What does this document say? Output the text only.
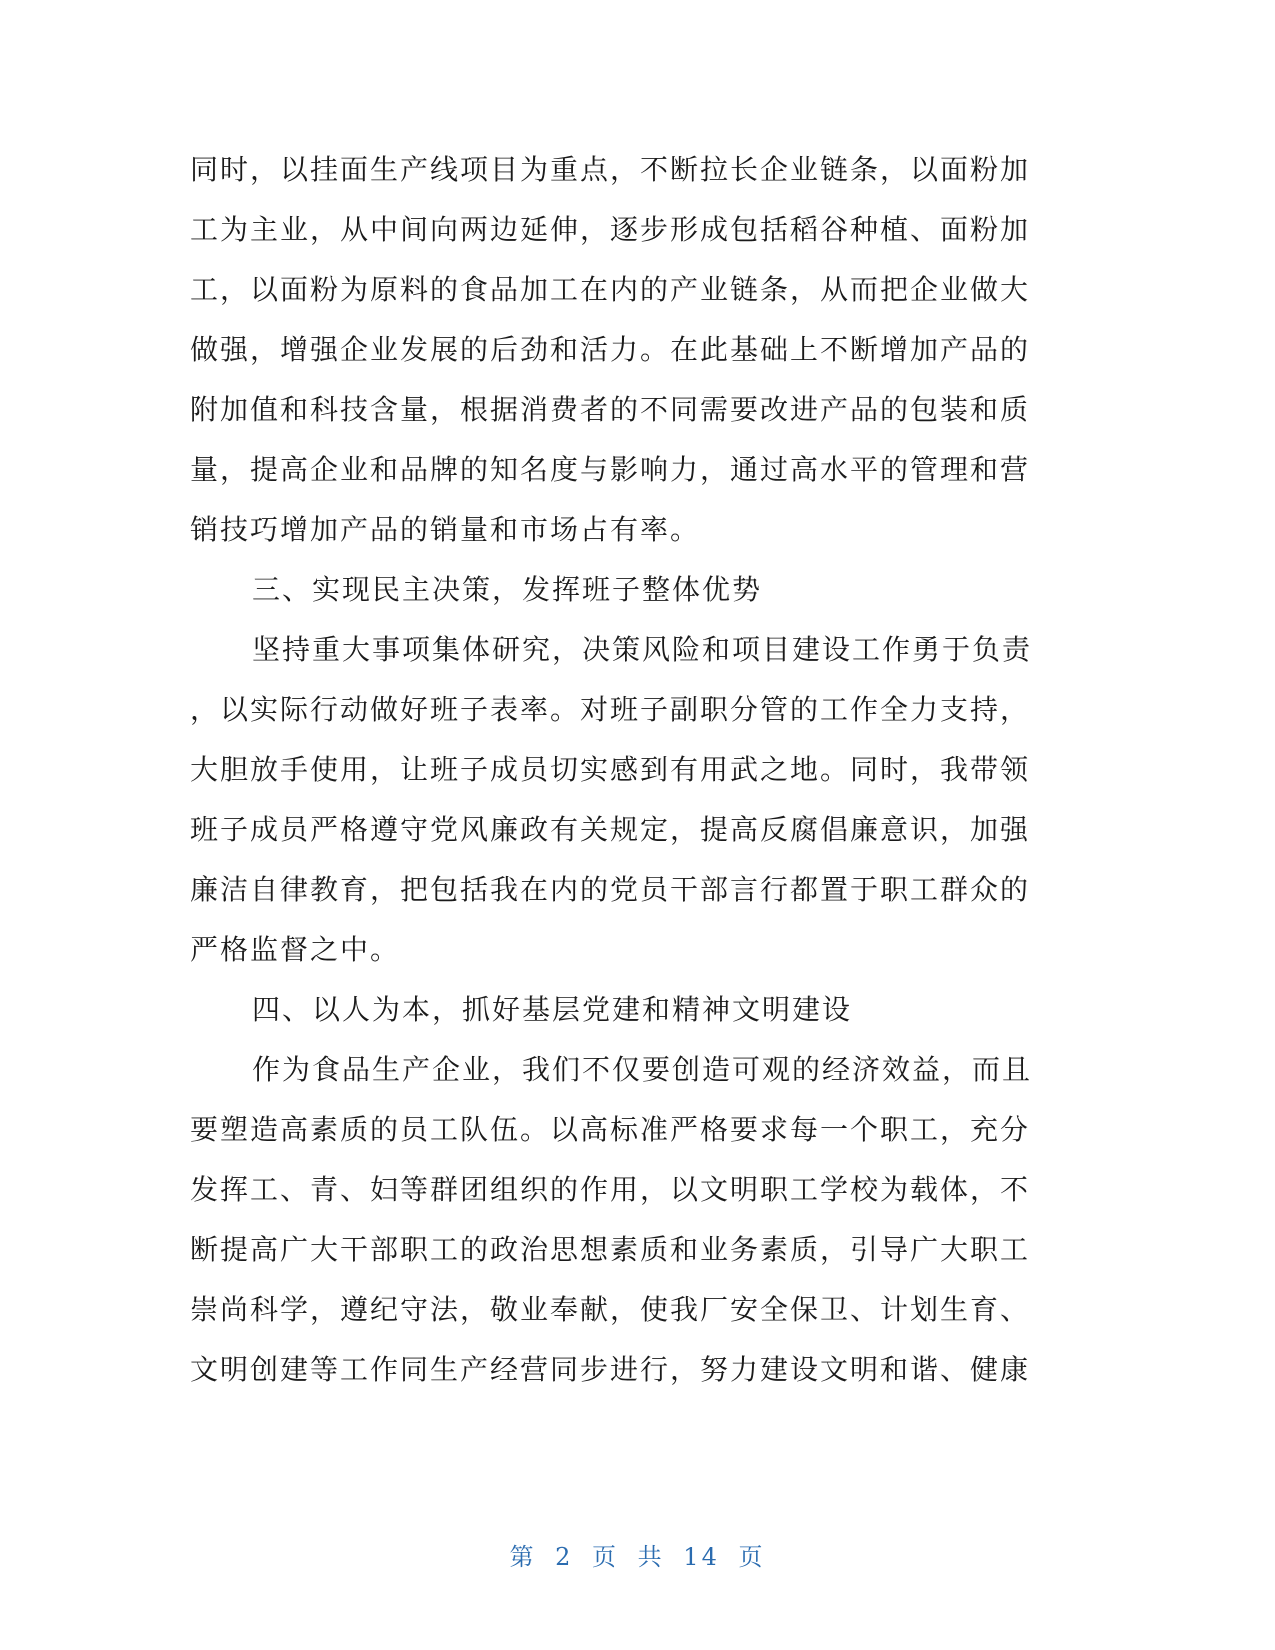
同时，以挂面生产线项目为重点，不断拉长企业链条，以面粉加
工为主业，从中间向两边延伸，逐步形成包括稻谷种植、面粉加
工，以面粉为原料的食品加工在内的产业链条，从而把企业做大
做强，增强企业发展的后劲和活力。在此基础上不断增加产品的
附加值和科技含量，根据消费者的不同需要改进产品的包装和质
量，提高企业和品牌的知名度与影响力，通过高水平的管理和营
销技巧增加产品的销量和市场占有率。
三、实现民主决策，发挥班子整体优势
坚持重大事项集体研究，决策风险和项目建设工作勇于负责
，以实际行动做好班子表率。对班子副职分管的工作全力支持，
大胆放手使用，让班子成员切实感到有用武之地。同时，我带领
班子成员严格遵守党风廉政有关规定，提高反腐倡廉意识，加强
廉洁自律教育，把包括我在内的党员干部言行都置于职工群众的
严格监督之中。
四、以人为本，抓好基层党建和精神文明建设
作为食品生产企业，我们不仅要创造可观的经济效益，而且
要塑造高素质的员工队伍。以高标准严格要求每一个职工，充分
发挥工、青、妇等群团组织的作用，以文明职工学校为载体，不
断提高广大干部职工的政治思想素质和业务素质，引导广大职工
崇尚科学，遵纪守法，敬业奉献，使我厂安全保卫、计划生育、
文明创建等工作同生产经营同步进行，努力建设文明和谐、健康
第 2 页 共 14 页
